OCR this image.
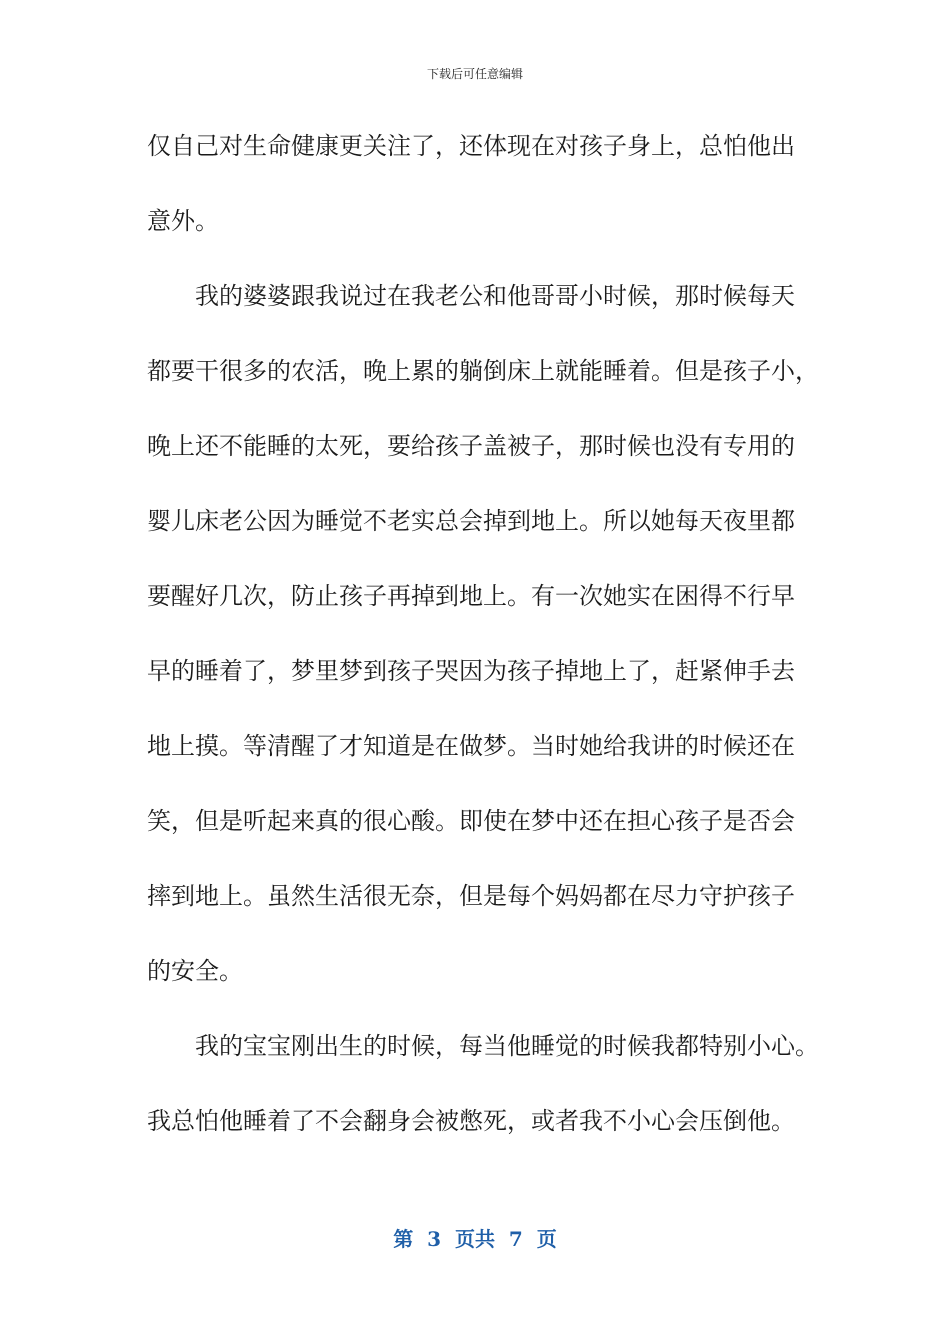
下载后可任意编辑
仅自己对生命健康更关注了，还体现在对孩子身上，总怕他出
意外。
我的婆婆跟我说过在我老公和他哥哥小时候，那时候每天
都要干很多的农活，晚上累的躺倒床上就能睡着。但是孩子小，
晚上还不能睡的太死，要给孩子盖被子，那时候也没有专用的
婴儿床老公因为睡觉不老实总会掉到地上。所以她每天夜里都
要醒好几次，防止孩子再掉到地上。有一次她实在困得不行早
早的睡着了，梦里梦到孩子哭因为孩子掉地上了，赶紧伸手去
地上摸。等清醒了才知道是在做梦。当时她给我讲的时候还在
笑，但是听起来真的很心酸。即使在梦中还在担心孩子是否会
摔到地上。虽然生活很无奈，但是每个妈妈都在尽力守护孩子
的安全。
我的宝宝刚出生的时候，每当他睡觉的时候我都特别小心。
我总怕他睡着了不会翻身会被憋死，或者我不小心会压倒他。
第  3  页共  7  页
